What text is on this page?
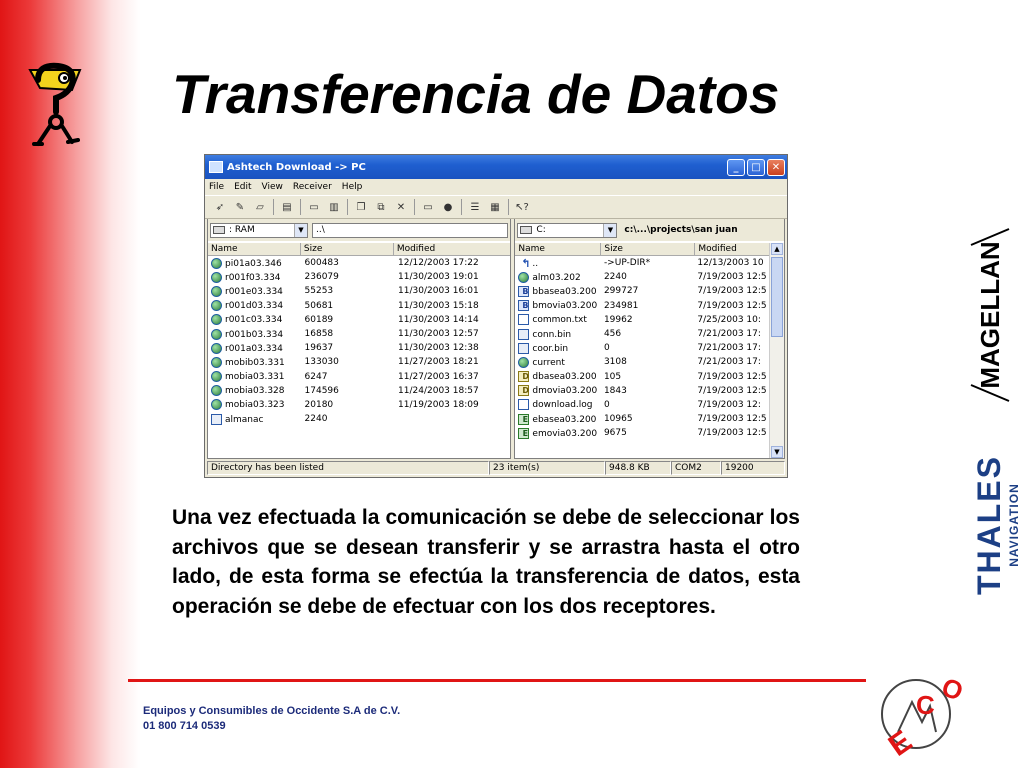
Transferencia de Datos
Ashtech Download -> PC	_	□	✕
File Edit View Receiver Help
➶ ✎	▱	▤ ▭ ▥ ❐	⧉	✕ ▭ ● ☰ ▦ ↖?
: RAM	▼	..\
Name	Size	Modified
pi01a03.346	600483	12/12/2003 17:22
r001f03.334	236079	11/30/2003 19:01
r001e03.334	55253	11/30/2003 16:01
r001d03.334	50681	11/30/2003 15:18
r001c03.334	60189	11/30/2003 14:14
r001b03.334	16858	11/30/2003 12:57
r001a03.334	19637	11/30/2003 12:38
mobib03.331	133030	11/27/2003 18:21
mobia03.331	6247	11/27/2003 16:37
mobia03.328	174596	11/24/2003 18:57
mobia03.323	20180	11/19/2003 18:09
almanac	2240
C:	▼	c:\...\projects\san juan
Name	Size	Modified
↰ ..	->UP-DIR*	12/13/2003 10
alm03.202	2240	7/19/2003 12:5
B bbasea03.200 299727	7/19/2003 12:5
B bmovia03.200 234981	7/19/2003 12:5
common.txt	19962	7/25/2003 10:
conn.bin	456	7/21/2003 17:
coor.bin	0	7/21/2003 17:
current	3108	7/21/2003 17:
D dbasea03.200 105	7/19/2003 12:5
D dmovia03.200 1843	7/19/2003 12:5
download.log	0	7/19/2003 12:
E ebasea03.200 10965	7/19/2003 12:5
E emovia03.200 9675	7/19/2003 12:5
▲
▼
Directory has been listed	23 item(s)	948.8 KB	COM2	19200

Una vez efectuada la comunicación se debe de seleccionar los archivos que se desean transferir y se arrastra hasta el otro lado, de esta forma se efectúa la transferencia de datos, esta operación se debe de efectuar con los dos receptores.

Equipos y Consumibles de Occidente S.A de C.V.
01 800 714 0539
MAGELLAN
THALES NAVIGATION
E
C O
